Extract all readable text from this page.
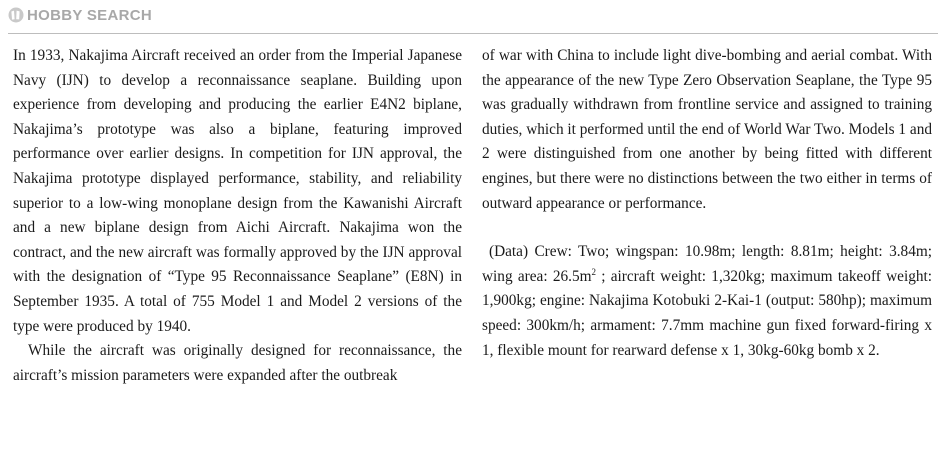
HOBBY SEARCH

In 1933, Nakajima Aircraft received an order from the Imperial Japanese Navy (IJN) to develop a reconnaissance seaplane. Building upon experience from developing and producing the earlier E4N2 biplane, Nakajima’s prototype was also a biplane, featuring improved performance over earlier designs. In competition for IJN approval, the Nakajima prototype displayed performance, stability, and reliability superior to a low-wing monoplane design from the Kawanishi Aircraft and a new biplane design from Aichi Aircraft. Nakajima won the contract, and the new aircraft was formally approved by the IJN approval with the designation of “Type 95 Reconnaissance Seaplane” (E8N) in September 1935. A total of 755 Model 1 and Model 2 versions of the type were produced by 1940.

While the aircraft was originally designed for reconnaissance, the aircraft’s mission parameters were expanded after the outbreak

of war with China to include light dive-bombing and aerial combat. With the appearance of the new Type Zero Observation Seaplane, the Type 95 was gradually withdrawn from frontline service and assigned to training duties, which it performed until the end of World War Two. Models 1 and 2 were distinguished from one another by being fitted with different engines, but there were no distinctions between the two either in terms of outward appearance or performance.

(Data) Crew: Two; wingspan: 10.98m; length: 8.81m; height: 3.84m; wing area: $26.5m^2$ ; aircraft weight: 1,320kg; maximum takeoff weight: 1,900kg; engine: Nakajima Kotobuki 2-Kai-1 (output: 580hp); maximum speed: 300km/h; armament: 7.7mm machine gun fixed forward-firing x 1, flexible mount for rearward defense x 1, 30kg-60kg bomb x 2.
